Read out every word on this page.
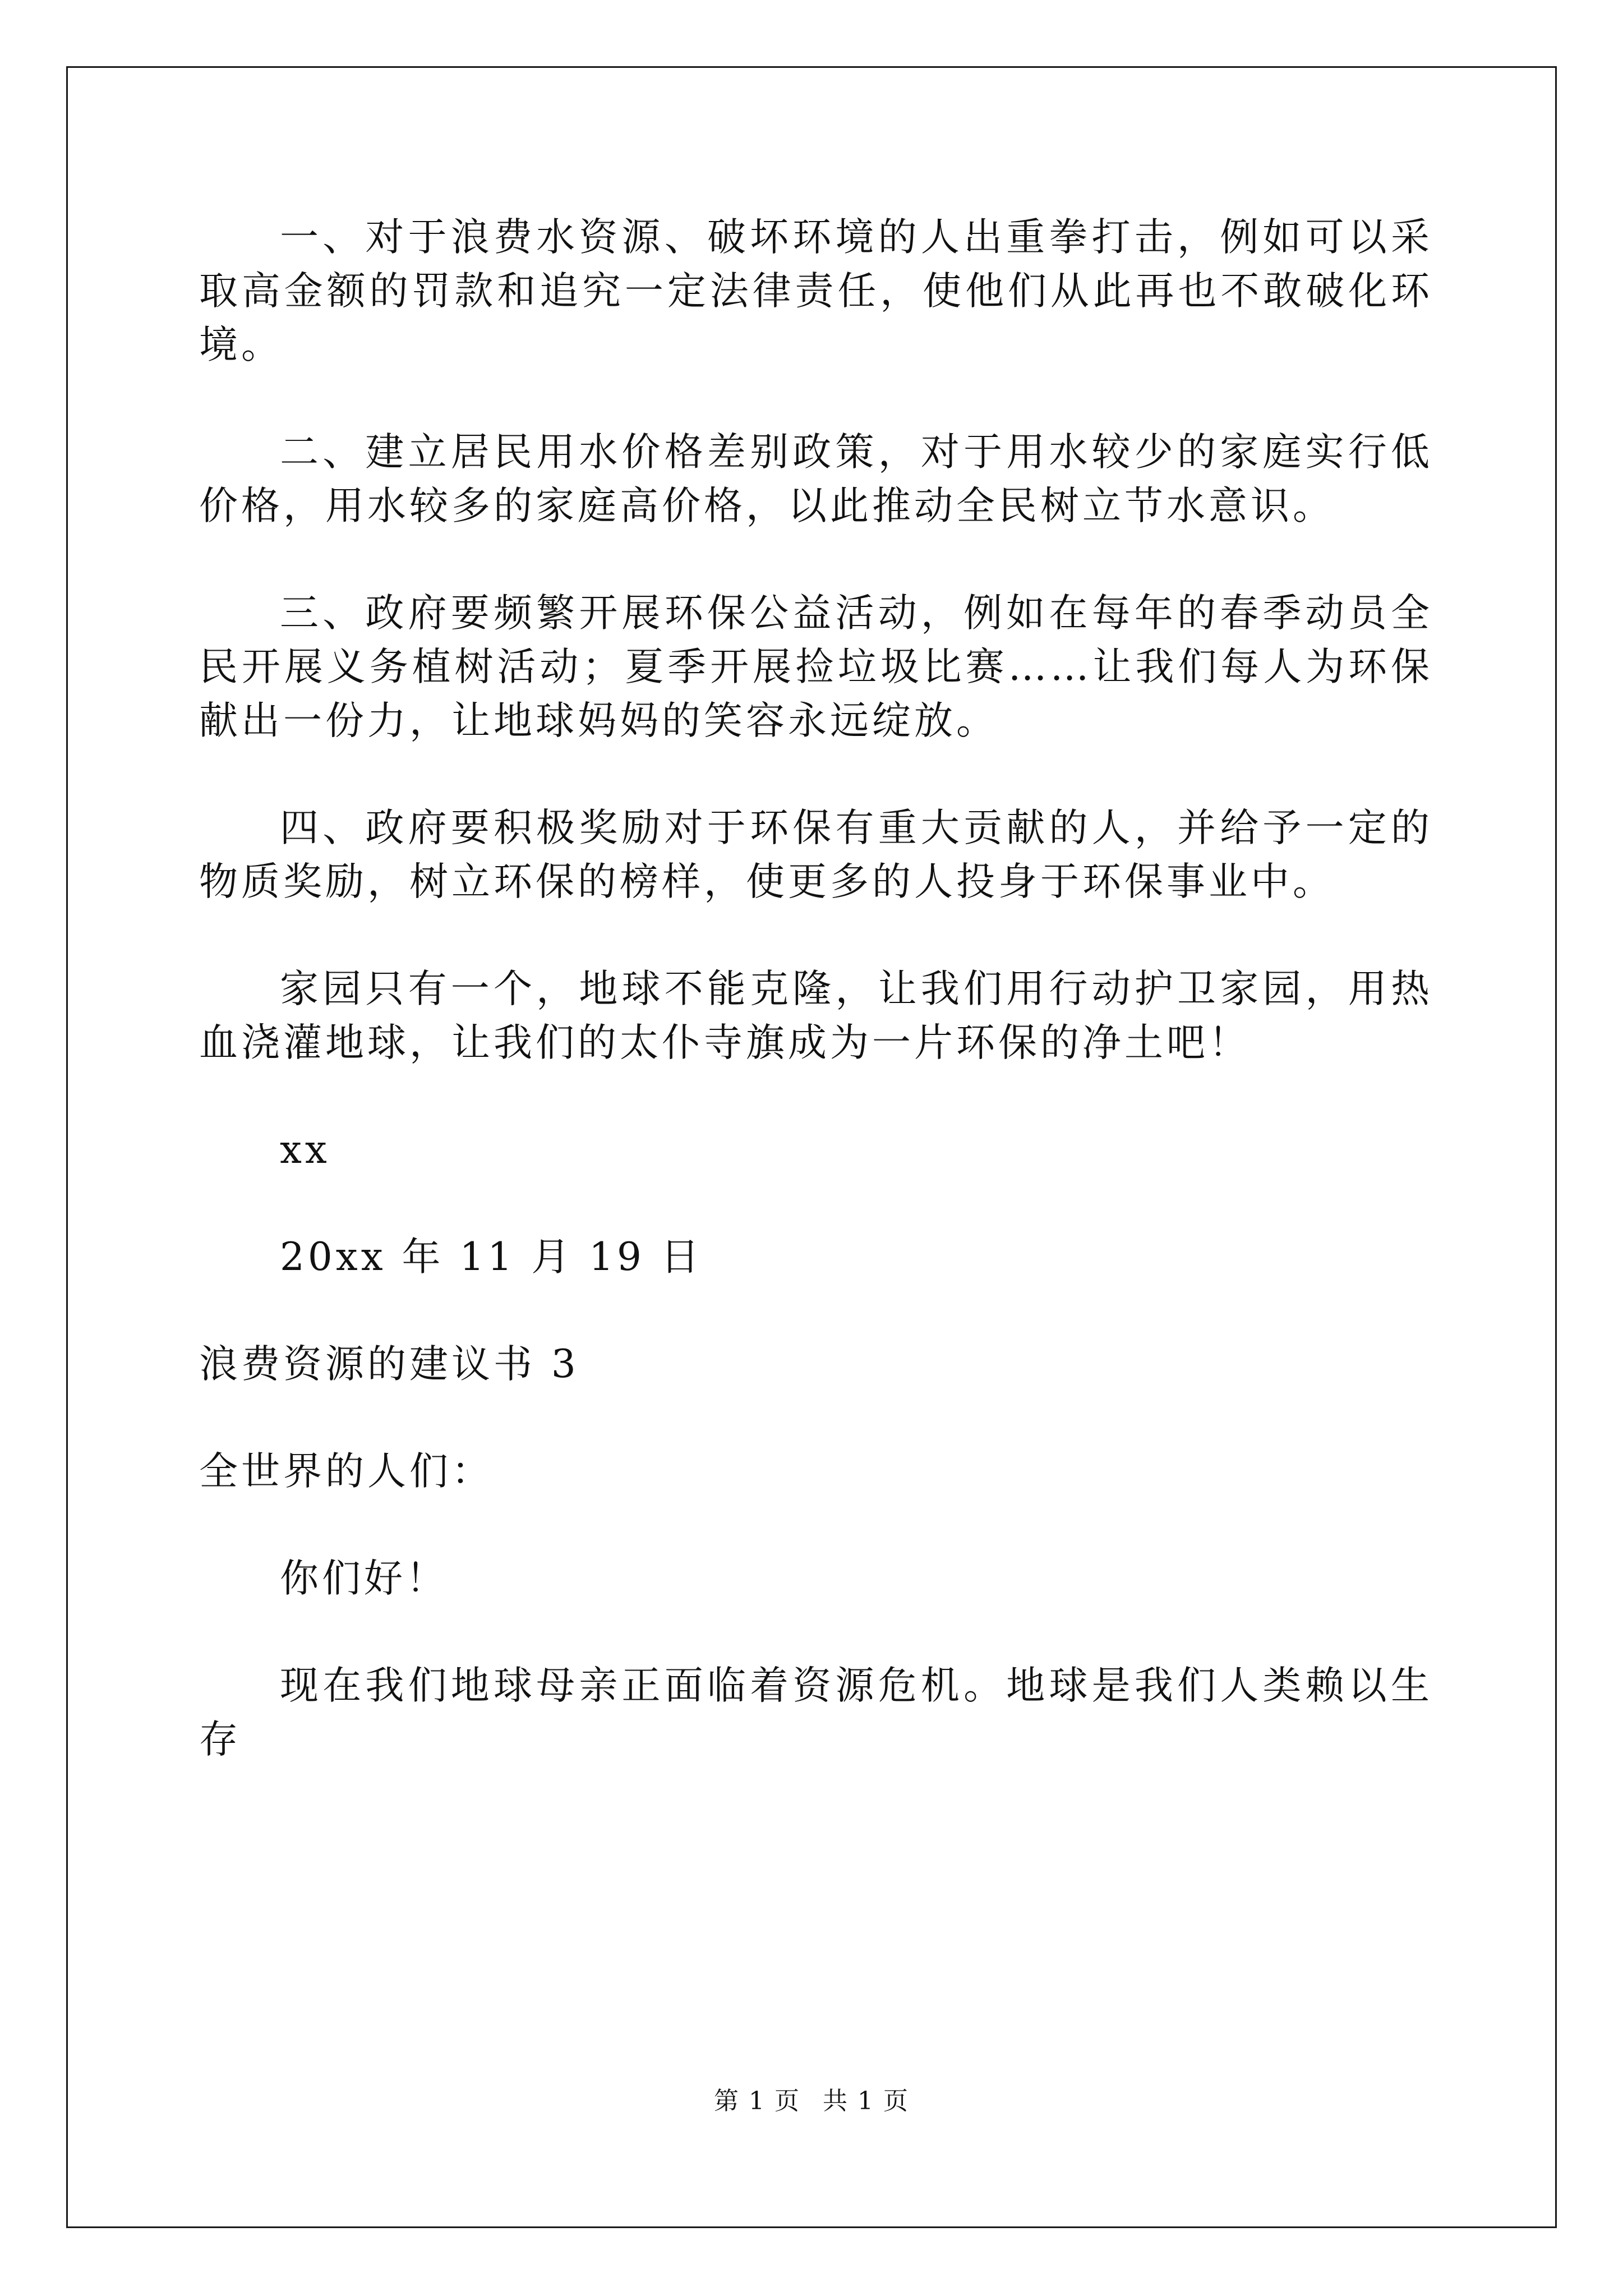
一、对于浪费水资源、破坏环境的人出重拳打击，例如可以采取高金额的罚款和追究一定法律责任，使他们从此再也不敢破化环境。

二、建立居民用水价格差别政策，对于用水较少的家庭实行低价格，用水较多的家庭高价格，以此推动全民树立节水意识。

三、政府要频繁开展环保公益活动，例如在每年的春季动员全民开展义务植树活动；夏季开展捡垃圾比赛……让我们每人为环保献出一份力，让地球妈妈的笑容永远绽放。

四、政府要积极奖励对于环保有重大贡献的人，并给予一定的物质奖励，树立环保的榜样，使更多的人投身于环保事业中。

家园只有一个，地球不能克隆，让我们用行动护卫家园，用热血浇灌地球，让我们的太仆寺旗成为一片环保的净土吧！

xx

20xx 年 11 月 19 日

浪费资源的建议书 3

全世界的人们：

你们好！

现在我们地球母亲正面临着资源危机。地球是我们人类赖以生存

第 1 页 共 1 页
